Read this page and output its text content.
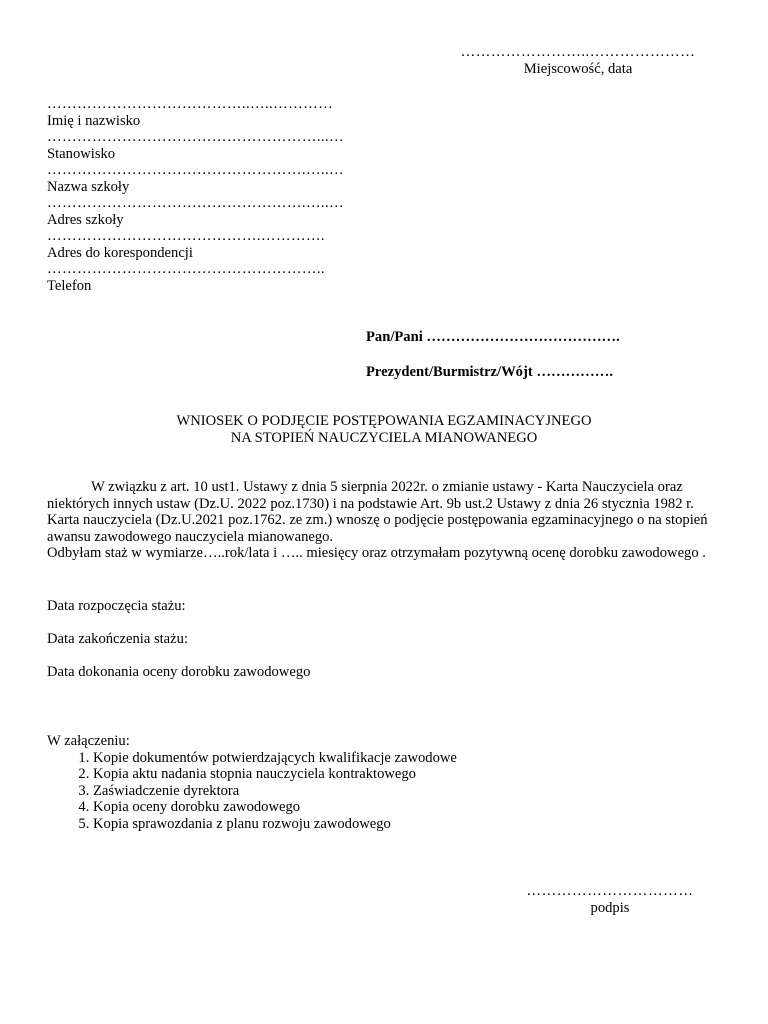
……………………..…………………
Miejscowość, data
…………………………………..…..…………
Imię i nazwisko
………………………………………………...…
Stanowisko
…………………………………………….…..…
Nazwa szkoły
…………………………………………….…..…
Adres szkoły
…………………………………….………….
Adres do korespondencji
………………………………………………..
Telefon
Pan/Pani ………………………………….
Prezydent/Burmistrz/Wójt …………….
WNIOSEK O PODJĘCIE POSTĘPOWANIA EGZAMINACYJNEGO
NA STOPIEŃ NAUCZYCIELA MIANOWANEGO

W związku z art. 10 ust1. Ustawy z dnia 5 sierpnia 2022r. o zmianie ustawy - Karta Nauczyciela oraz niektórych innych ustaw (Dz.U. 2022 poz.1730) i na podstawie Art. 9b ust.2 Ustawy z dnia 26 stycznia 1982 r. Karta nauczyciela (Dz.U.2021 poz.1762. ze zm.) wnoszę o podjęcie postępowania egzaminacyjnego o na stopień awansu zawodowego nauczyciela mianowanego.

Odbyłam staż w wymiarze…..rok/lata i ….. miesięcy oraz otrzymałam pozytywną ocenę dorobku zawodowego .

Data rozpoczęcia stażu:
Data zakończenia stażu:
Data dokonania oceny dorobku zawodowego
W załączeniu:
1. Kopie dokumentów potwierdzających kwalifikacje zawodowe
2. Kopia aktu nadania stopnia nauczyciela kontraktowego
3. Zaświadczenie dyrektora
4. Kopia oceny dorobku zawodowego
5. Kopia sprawozdania z planu rozwoju zawodowego
……………………………
podpis
